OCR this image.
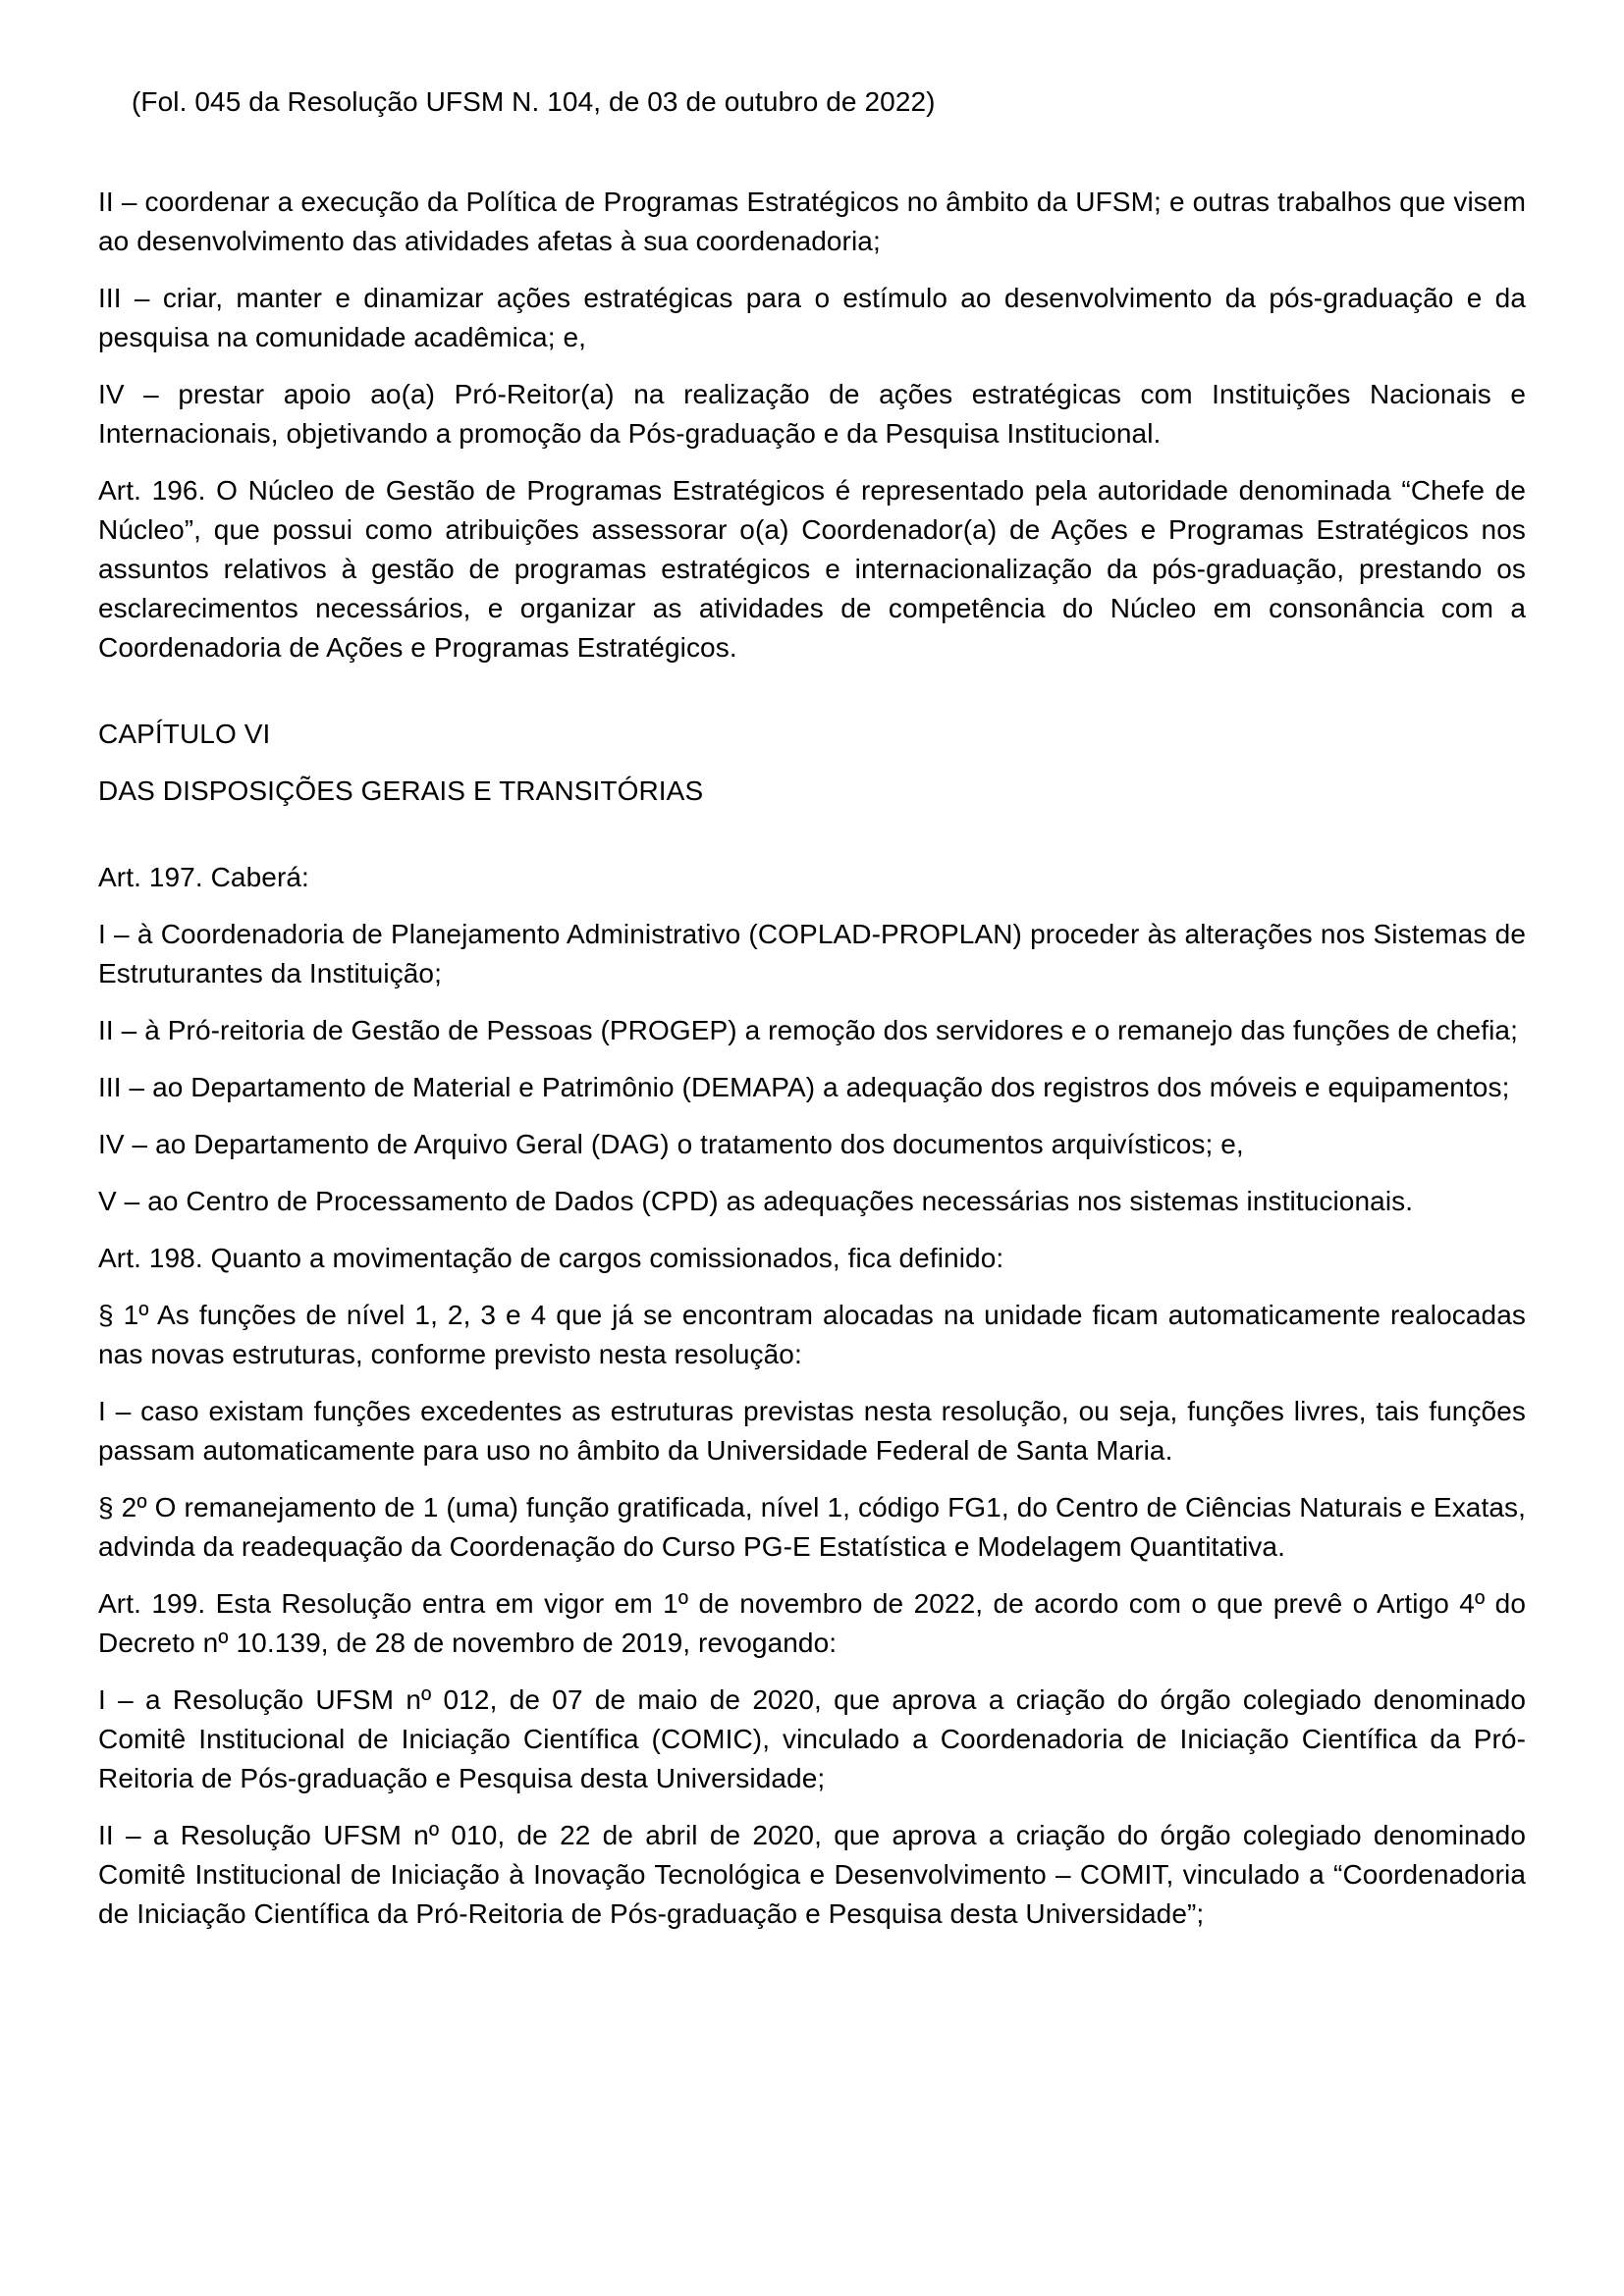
(Fol. 045 da Resolução UFSM N. 104, de 03 de outubro de 2022)

II – coordenar a execução da Política de Programas Estratégicos no âmbito da UFSM; e outras trabalhos que visem ao desenvolvimento das atividades afetas à sua coordenadoria;

III – criar, manter e dinamizar ações estratégicas para o estímulo ao desenvolvimento da pós-graduação e da pesquisa na comunidade acadêmica; e,

IV – prestar apoio ao(a) Pró-Reitor(a) na realização de ações estratégicas com Instituições Nacionais e Internacionais, objetivando a promoção da Pós-graduação e da Pesquisa Institucional.

Art. 196. O Núcleo de Gestão de Programas Estratégicos é representado pela autoridade denominada “Chefe de Núcleo”, que possui como atribuições assessorar o(a) Coordenador(a) de Ações e Programas Estratégicos nos assuntos relativos à gestão de programas estratégicos e internacionalização da pós-graduação, prestando os esclarecimentos necessários, e organizar as atividades de competência do Núcleo em consonância com a Coordenadoria de Ações e Programas Estratégicos.

CAPÍTULO VI

DAS DISPOSIÇÕES GERAIS E TRANSITÓRIAS

Art. 197. Caberá:

I – à Coordenadoria de Planejamento Administrativo (COPLAD-PROPLAN) proceder às alterações nos Sistemas de Estruturantes da Instituição;

II – à Pró-reitoria de Gestão de Pessoas (PROGEP) a remoção dos servidores e o remanejo das funções de chefia;

III – ao Departamento de Material e Patrimônio (DEMAPA) a adequação dos registros dos móveis e equipamentos;

IV – ao Departamento de Arquivo Geral (DAG) o tratamento dos documentos arquivísticos; e,

V – ao Centro de Processamento de Dados (CPD) as adequações necessárias nos sistemas institucionais.

Art. 198. Quanto a movimentação de cargos comissionados, fica definido:

§ 1º As funções de nível 1, 2, 3 e 4 que já se encontram alocadas na unidade ficam automaticamente realocadas nas novas estruturas, conforme previsto nesta resolução:

I – caso existam funções excedentes as estruturas previstas nesta resolução, ou seja, funções livres, tais funções passam automaticamente para uso no âmbito da Universidade Federal de Santa Maria.

§ 2º O remanejamento de 1 (uma) função gratificada, nível 1, código FG1, do Centro de Ciências Naturais e Exatas, advinda da readequação da Coordenação do Curso PG-E Estatística e Modelagem Quantitativa.

Art. 199. Esta Resolução entra em vigor em 1º de novembro de 2022, de acordo com o que prevê o Artigo 4º do Decreto nº 10.139, de 28 de novembro de 2019, revogando:

I – a Resolução UFSM nº 012, de 07 de maio de 2020, que aprova a criação do órgão colegiado denominado Comitê Institucional de Iniciação Científica (COMIC), vinculado a Coordenadoria de Iniciação Científica da Pró-Reitoria de Pós-graduação e Pesquisa desta Universidade;

II – a Resolução UFSM nº 010, de 22 de abril de 2020, que aprova a criação do órgão colegiado denominado Comitê Institucional de Iniciação à Inovação Tecnológica e Desenvolvimento – COMIT, vinculado a “Coordenadoria de Iniciação Científica da Pró-Reitoria de Pós-graduação e Pesquisa desta Universidade”;
